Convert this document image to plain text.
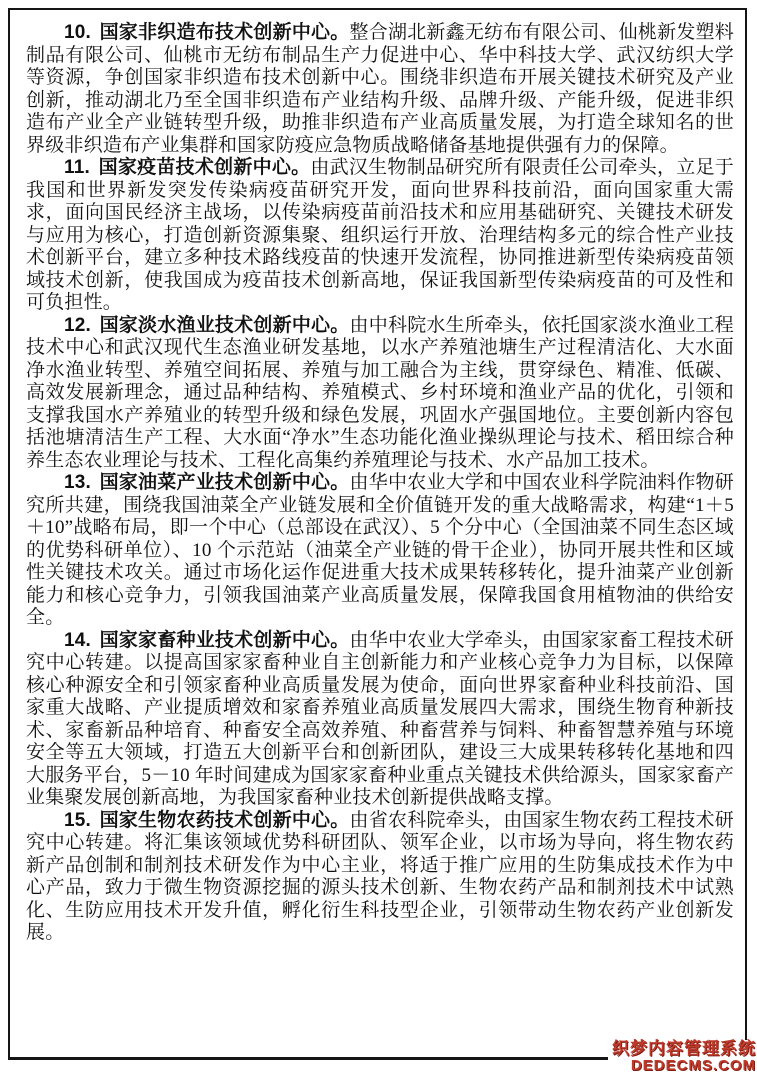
10. 国家非织造布技术创新中心。整合湖北新鑫无纺布有限公司、仙桃新发塑料制品有限公司、仙桃市无纺布制品生产力促进中心、华中科技大学、武汉纺织大学等资源，争创国家非织造布技术创新中心。围绕非织造布开展关键技术研究及产业创新，推动湖北乃至全国非织造布产业结构升级、品牌升级、产能升级，促进非织造布产业全产业链转型升级，助推非织造布产业高质量发展，为打造全球知名的世界级非织造布产业集群和国家防疫应急物质战略储备基地提供强有力的保障。

11. 国家疫苗技术创新中心。由武汉生物制品研究所有限责任公司牵头，立足于我国和世界新发突发传染病疫苗研究开发，面向世界科技前沿，面向国家重大需求，面向国民经济主战场，以传染病疫苗前沿技术和应用基础研究、关键技术研发与应用为核心，打造创新资源集聚、组织运行开放、治理结构多元的综合性产业技术创新平台，建立多种技术路线疫苗的快速开发流程，协同推进新型传染病疫苗领域技术创新，使我国成为疫苗技术创新高地，保证我国新型传染病疫苗的可及性和可负担性。

12. 国家淡水渔业技术创新中心。由中科院水生所牵头，依托国家淡水渔业工程技术中心和武汉现代生态渔业研发基地，以水产养殖池塘生产过程清洁化、大水面净水渔业转型、养殖空间拓展、养殖与加工融合为主线，贯穿绿色、精准、低碳、高效发展新理念，通过品种结构、养殖模式、乡村环境和渔业产品的优化，引领和支撑我国水产养殖业的转型升级和绿色发展，巩固水产强国地位。主要创新内容包括池塘清洁生产工程、大水面“净水”生态功能化渔业操纵理论与技术、稻田综合种养生态农业理论与技术、工程化高集约养殖理论与技术、水产品加工技术。

13. 国家油菜产业技术创新中心。由华中农业大学和中国农业科学院油料作物研究所共建，围绕我国油菜全产业链发展和全价值链开发的重大战略需求，构建“1＋5＋10”战略布局，即一个中心（总部设在武汉）、5 个分中心（全国油菜不同生态区域的优势科研单位）、10 个示范站（油菜全产业链的骨干企业），协同开展共性和区域性关键技术攻关。通过市场化运作促进重大技术成果转移转化，提升油菜产业创新能力和核心竞争力，引领我国油菜产业高质量发展，保障我国食用植物油的供给安全。

14. 国家家畜种业技术创新中心。由华中农业大学牵头，由国家家畜工程技术研究中心转建。以提高国家家畜种业自主创新能力和产业核心竞争力为目标，以保障核心种源安全和引领家畜种业高质量发展为使命，面向世界家畜种业科技前沿、国家重大战略、产业提质增效和家畜养殖业高质量发展四大需求，围绕生物育种新技术、家畜新品种培育、种畜安全高效养殖、种畜营养与饲料、种畜智慧养殖与环境安全等五大领域，打造五大创新平台和创新团队，建设三大成果转移转化基地和四大服务平台，5－10 年时间建成为国家家畜种业重点关键技术供给源头，国家家畜产业集聚发展创新高地，为我国家畜种业技术创新提供战略支撑。

15. 国家生物农药技术创新中心。由省农科院牵头，由国家生物农药工程技术研究中心转建。将汇集该领域优势科研团队、领军企业，以市场为导向，将生物农药新产品创制和制剂技术研发作为中心主业，将适于推广应用的生防集成技术作为中心产品，致力于微生物资源挖掘的源头技术创新、生物农药产品和制剂技术中试熟化、生防应用技术开发升值，孵化衍生科技型企业，引领带动生物农药产业创新发展。

织梦内容管理系统
DEDECMS.COM
